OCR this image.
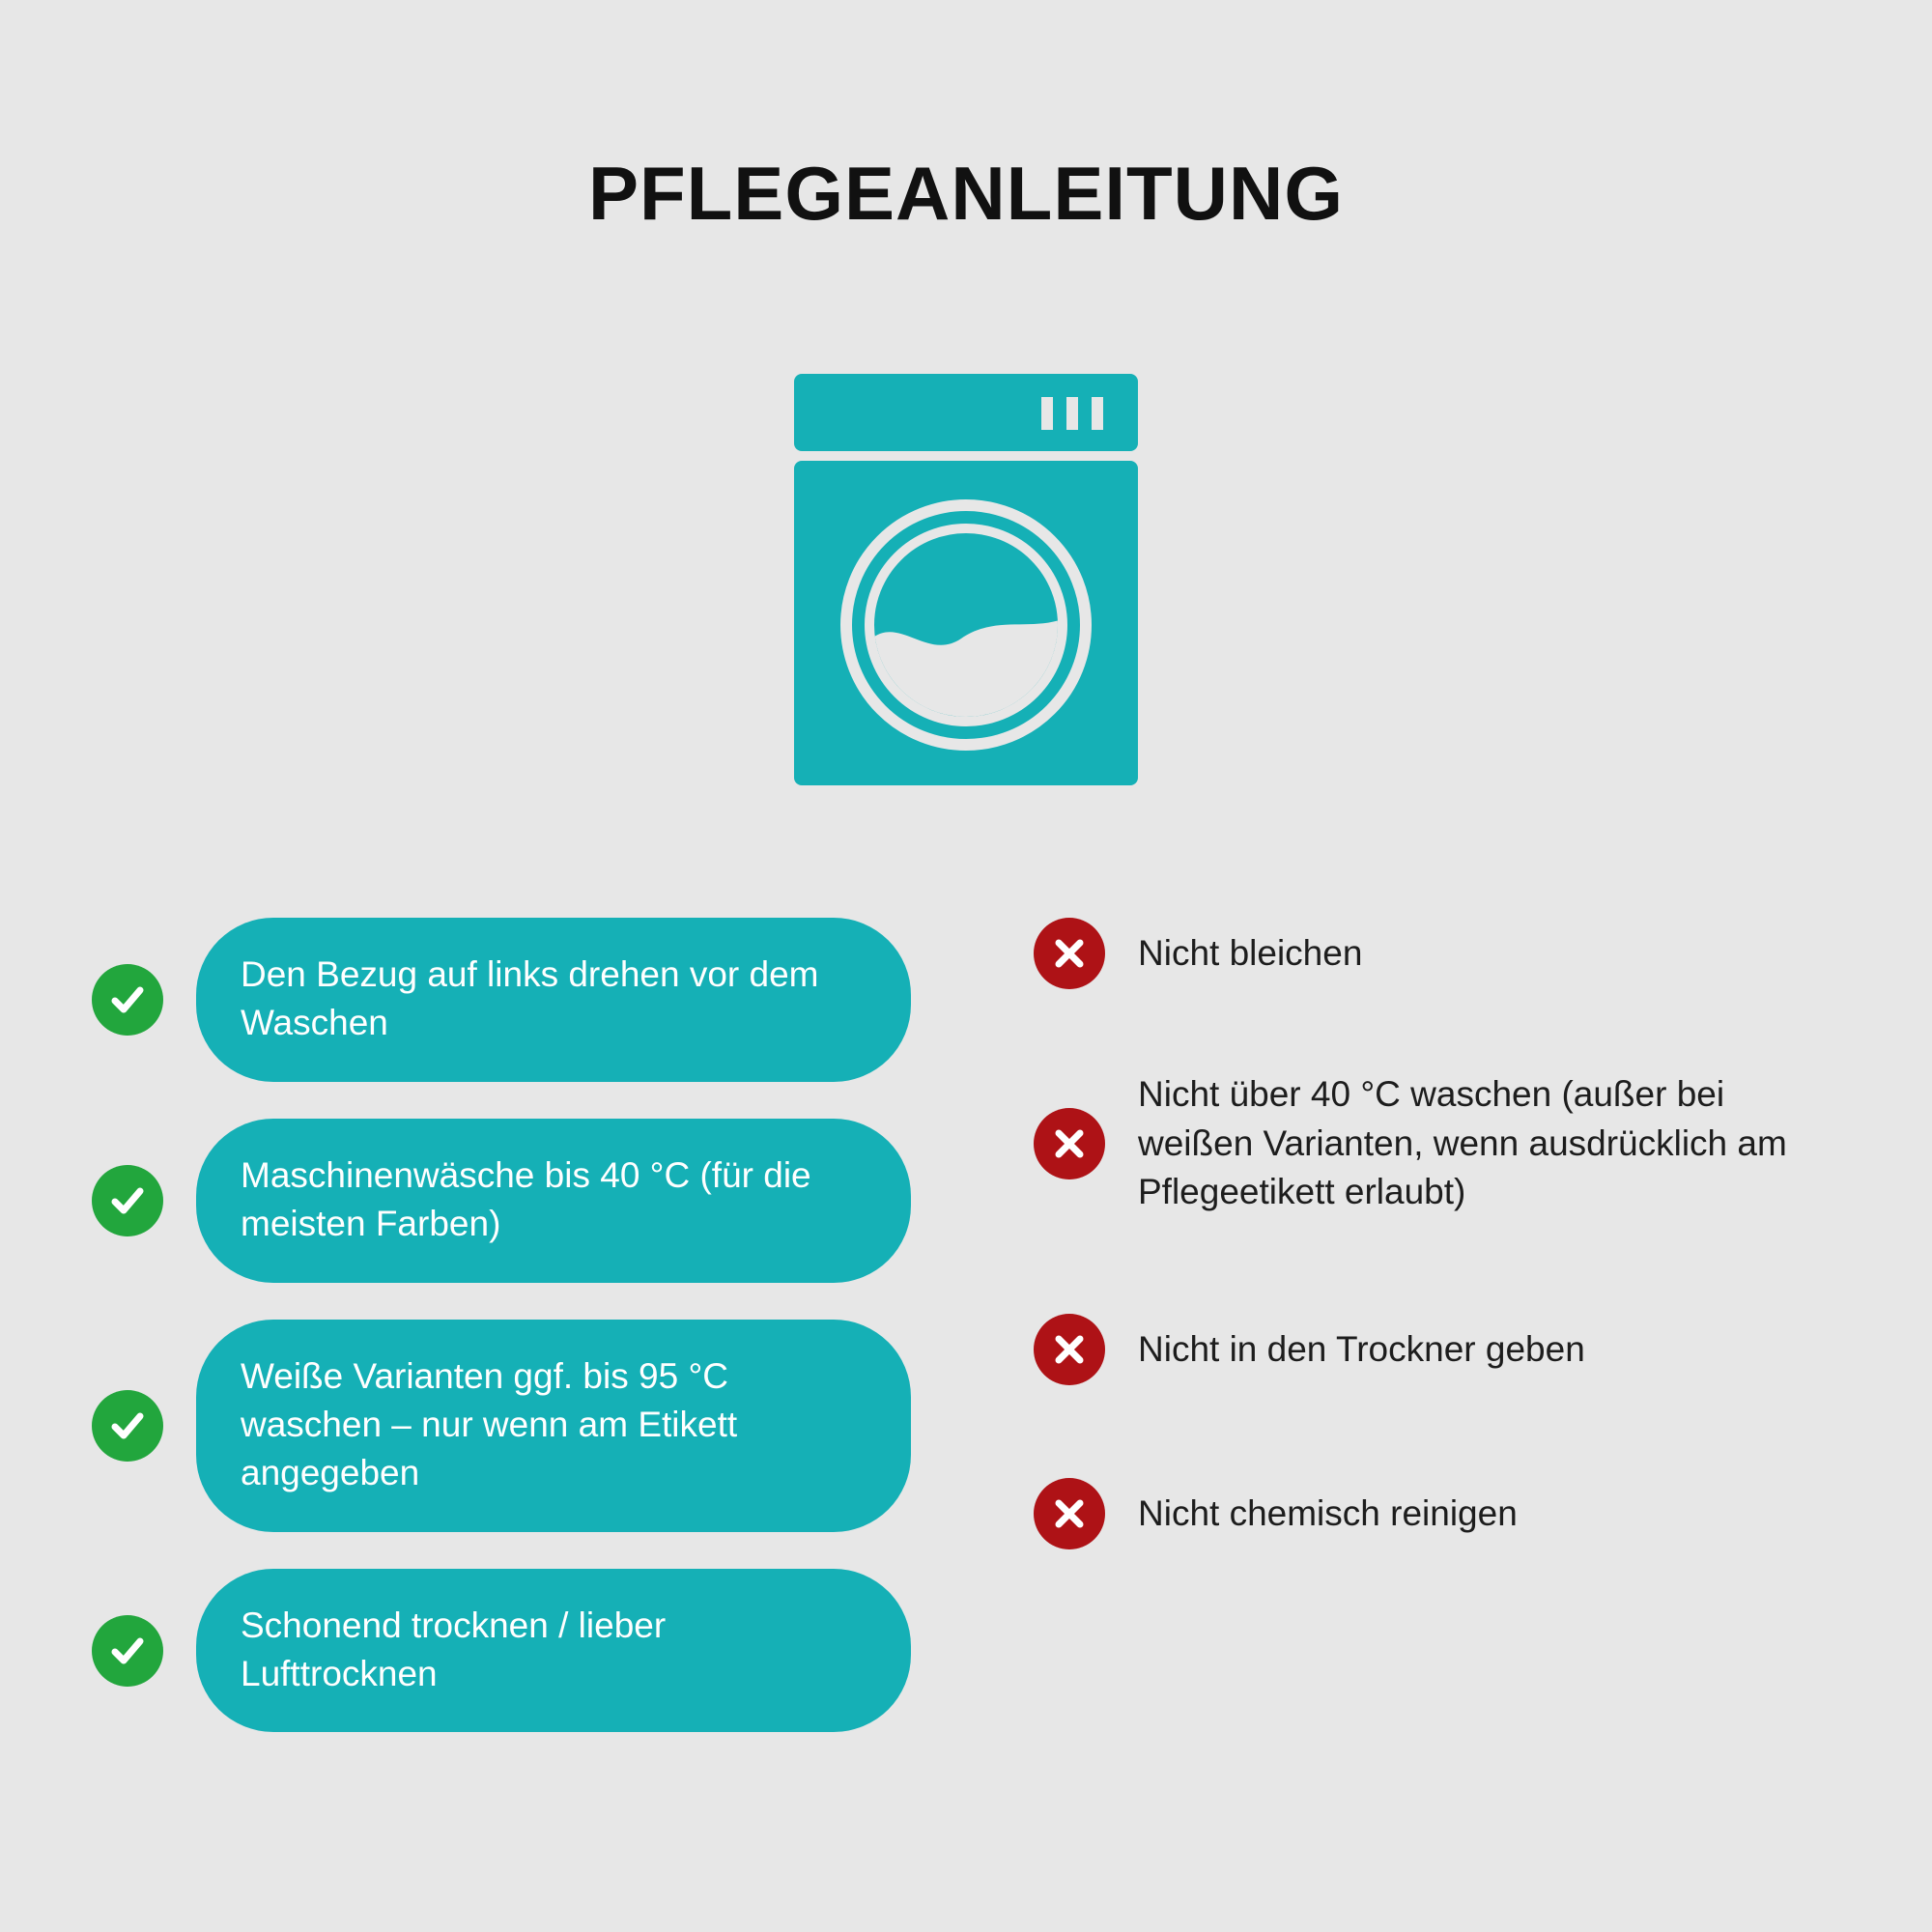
PFLEGEANLEITUNG
Den Bezug auf links drehen vor dem Waschen
Maschinenwäsche bis 40 °C (für die meisten Farben)
Weiße Varianten ggf. bis 95 °C waschen – nur wenn am Etikett angegeben
Schonend trocknen / lieber Lufttrocknen
Nicht bleichen
Nicht über 40 °C waschen (außer bei weißen Varianten, wenn ausdrücklich am Pflegeetikett erlaubt)
Nicht in den Trockner geben
Nicht chemisch reinigen
